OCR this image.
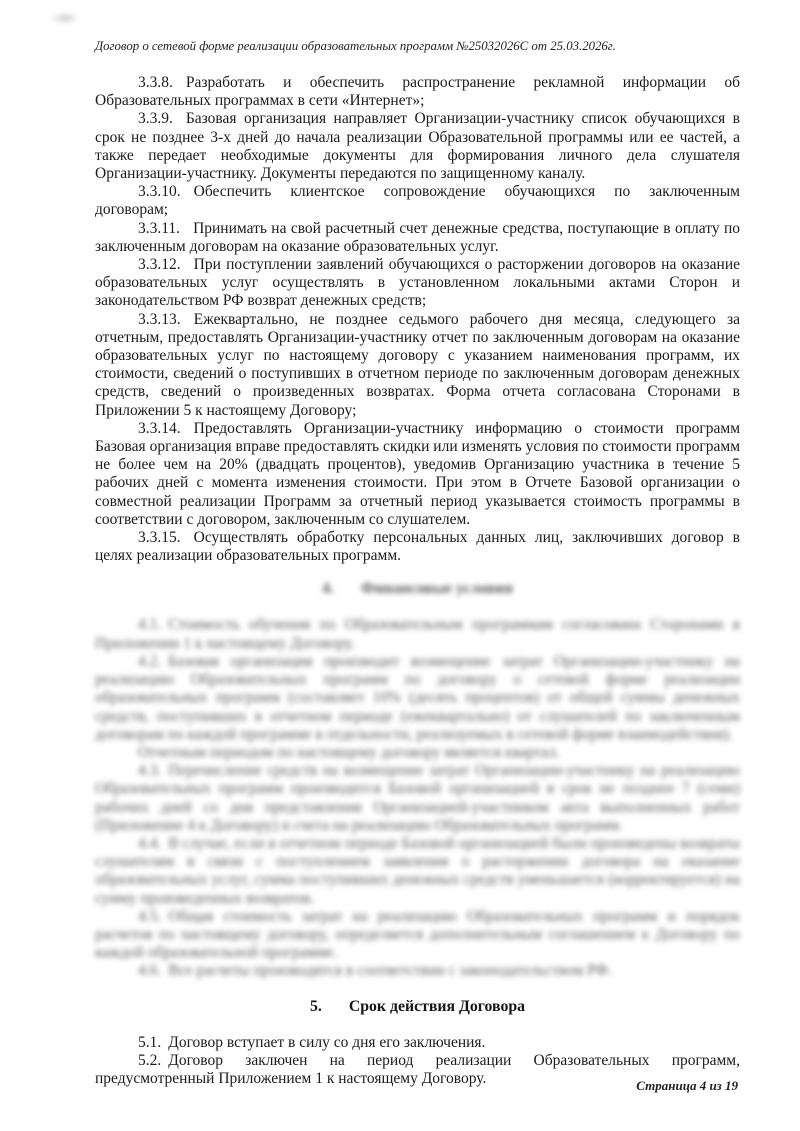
Договор о сетевой форме реализации образовательных программ №25032026С от 25.03.2026г.

3.3.8. Разработать и обеспечить распространение рекламной информации об Образовательных программах в сети «Интернет»;

3.3.9. Базовая организация направляет Организации-участнику список обучающихся в срок не позднее 3-х дней до начала реализации Образовательной программы или ее частей, а также передает необходимые документы для формирования личного дела слушателя Организации-участнику. Документы передаются по защищенному каналу.

3.3.10. Обеспечить клиентское сопровождение обучающихся по заключенным договорам;

3.3.11. Принимать на свой расчетный счет денежные средства, поступающие в оплату по заключенным договорам на оказание образовательных услуг.

3.3.12. При поступлении заявлений обучающихся о расторжении договоров на оказание образовательных услуг осуществлять в установленном локальными актами Сторон и законодательством РФ возврат денежных средств;

3.3.13. Ежеквартально, не позднее седьмого рабочего дня месяца, следующего за отчетным, предоставлять Организации-участнику отчет по заключенным договорам на оказание образовательных услуг по настоящему договору с указанием наименования программ, их стоимости, сведений о поступивших в отчетном периоде по заключенным договорам денежных средств, сведений о произведенных возвратах. Форма отчета согласована Сторонами в Приложении 5 к настоящему Договору;

3.3.14. Предоставлять Организации-участнику информацию о стоимости программ Базовая организация вправе предоставлять скидки или изменять условия по стоимости программ не более чем на 20% (двадцать процентов), уведомив Организацию участника в течение 5 рабочих дней с момента изменения стоимости. При этом в Отчете Базовой организации о совместной реализации Программ за отчетный период указывается стоимость программы в соответствии с договором, заключенным со слушателем.

3.3.15. Осуществлять обработку персональных данных лиц, заключивших договор в целях реализации образовательных программ.

4. Финансовые условия

4.1. Стоимость обучения по Образовательным программам согласована Сторонами в Приложении 1 к настоящему Договору.

4.2. Базовая организация производит возмещение затрат Организации-участнику на реализацию Образовательных программ по договору о сетевой форме реализации образовательных программ (составляет 10% (десять процентов) от общей суммы денежных средств, поступивших в отчетном периоде (ежеквартально) от слушателей по заключенным договорам по каждой программе в отдельности, реализуемых в сетевой форме взаимодействия).

Отчетным периодом по настоящему договору является квартал.

4.3. Перечисление средств на возмещение затрат Организации-участнику на реализацию Образовательных программ производится Базовой организацией в срок не позднее 7 (семи) рабочих дней со дня представления Организацией-участником акта выполненных работ (Приложение 4 к Договору) и счета на реализацию Образовательных программ.

4.4. В случае, если в отчетном периоде Базовой организацией были произведены возвраты слушателям в связи с поступлением заявления о расторжении договора на оказание образовательных услуг, сумма поступивших денежных средств уменьшается (корректируется) на сумму произведенных возвратов.

4.5. Общая стоимость затрат на реализацию Образовательных программ и порядок расчетов по настоящему договору, определяется дополнительным соглашением к Договору по каждой образовательной программе.

4.6. Все расчеты производятся в соответствии с законодательством РФ.

5. Срок действия Договора

5.1. Договор вступает в силу со дня его заключения.

5.2. Договор заключен на период реализации Образовательных программ, предусмотренный Приложением 1 к настоящему Договору.	Страница 4 из 19
